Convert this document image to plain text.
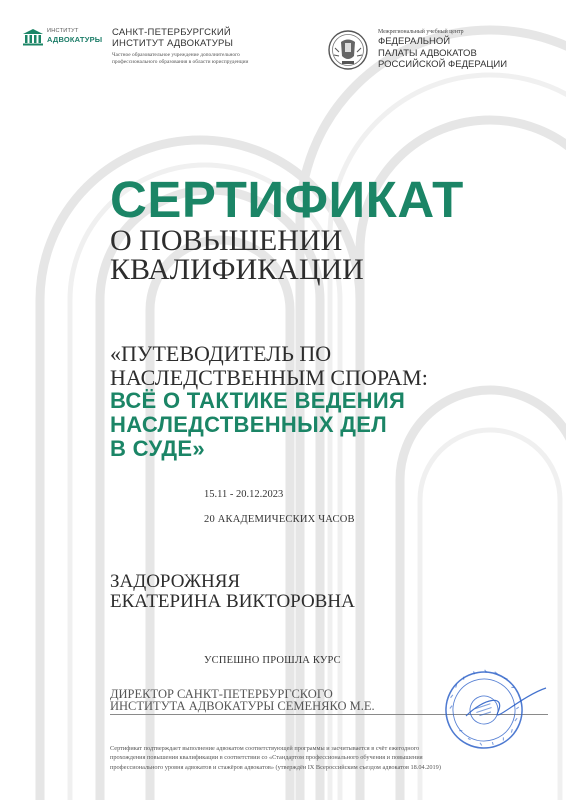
ИНСТИТУТ
АДВОКАТУРЫ
САНКТ-ПЕТЕРБУРГСКИЙ
ИНСТИТУТ АДВОКАТУРЫ
Частное образовательное учреждение дополнительного
профессионального образования в области юриспруденции
Межрегиональный учебный центр
ФЕДЕРАЛЬНОЙ
ПАЛАТЫ АДВОКАТОВ
РОССИЙСКОЙ ФЕДЕРАЦИИ
СЕРТИФИКАТ
О ПОВЫШЕНИИ
КВАЛИФИКАЦИИ
«ПУТЕВОДИТЕЛЬ ПО
НАСЛЕДСТВЕННЫМ СПОРАМ:
ВСЁ О ТАКТИКЕ ВЕДЕНИЯ
НАСЛЕДСТВЕННЫХ ДЕЛ
В СУДЕ»
15.11 - 20.12.2023
20 АКАДЕМИЧЕСКИХ ЧАСОВ
ЗАДОРОЖНЯЯ
ЕКАТЕРИНА ВИКТОРОВНА
УСПЕШНО ПРОШЛА КУРС
ДИРЕКТОР САНКТ-ПЕТЕРБУРГСКОГО
ИНСТИТУТА АДВОКАТУРЫ СЕМЕНЯКО М.Е.
Сертификат подтверждает выполнение адвокатом соответствующей программы и засчитывается в счёт ежегодного
прохождения повышения квалификации в соответствии со «Стандартом профессионального обучения и повышения
профессионального уровня адвокатов и стажёров адвокатов» (утверждён IX Всероссийским съездом адвокатов 18.04.2019)
